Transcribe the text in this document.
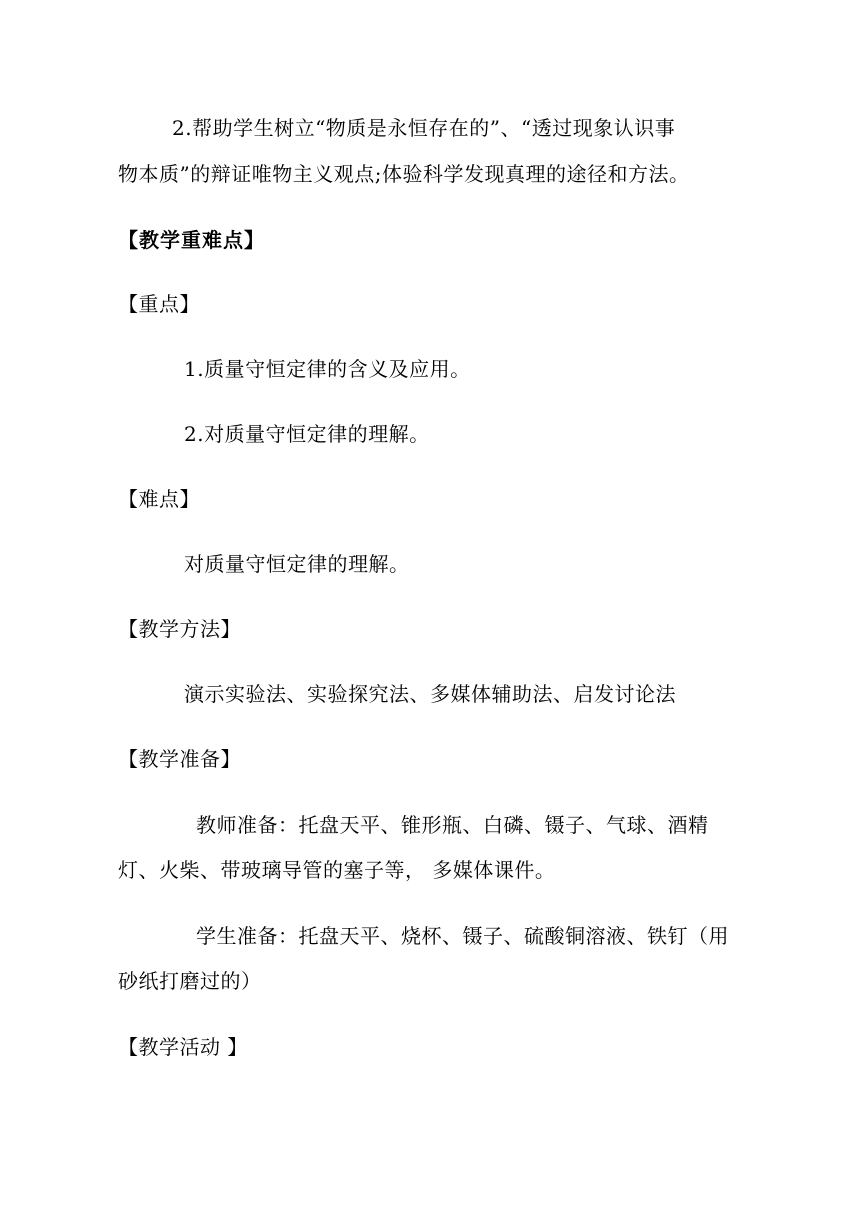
2.帮助学生树立“物质是永恒存在的”、“透过现象认识事
物本质”的辩证唯物主义观点;体验科学发现真理的途径和方法。
【教学重难点】
【重点】
1.质量守恒定律的含义及应用。
2.对质量守恒定律的理解。
【难点】
对质量守恒定律的理解。
【教学方法】
演示实验法、实验探究法、多媒体辅助法、启发讨论法
【教学准备】
教师准备：托盘天平、锥形瓶、白磷、镊子、气球、酒精
灯、火柴、带玻璃导管的塞子等， 多媒体课件。
学生准备：托盘天平、烧杯、镊子、硫酸铜溶液、铁钉（用
砂纸打磨过的）
【教学活动 】
